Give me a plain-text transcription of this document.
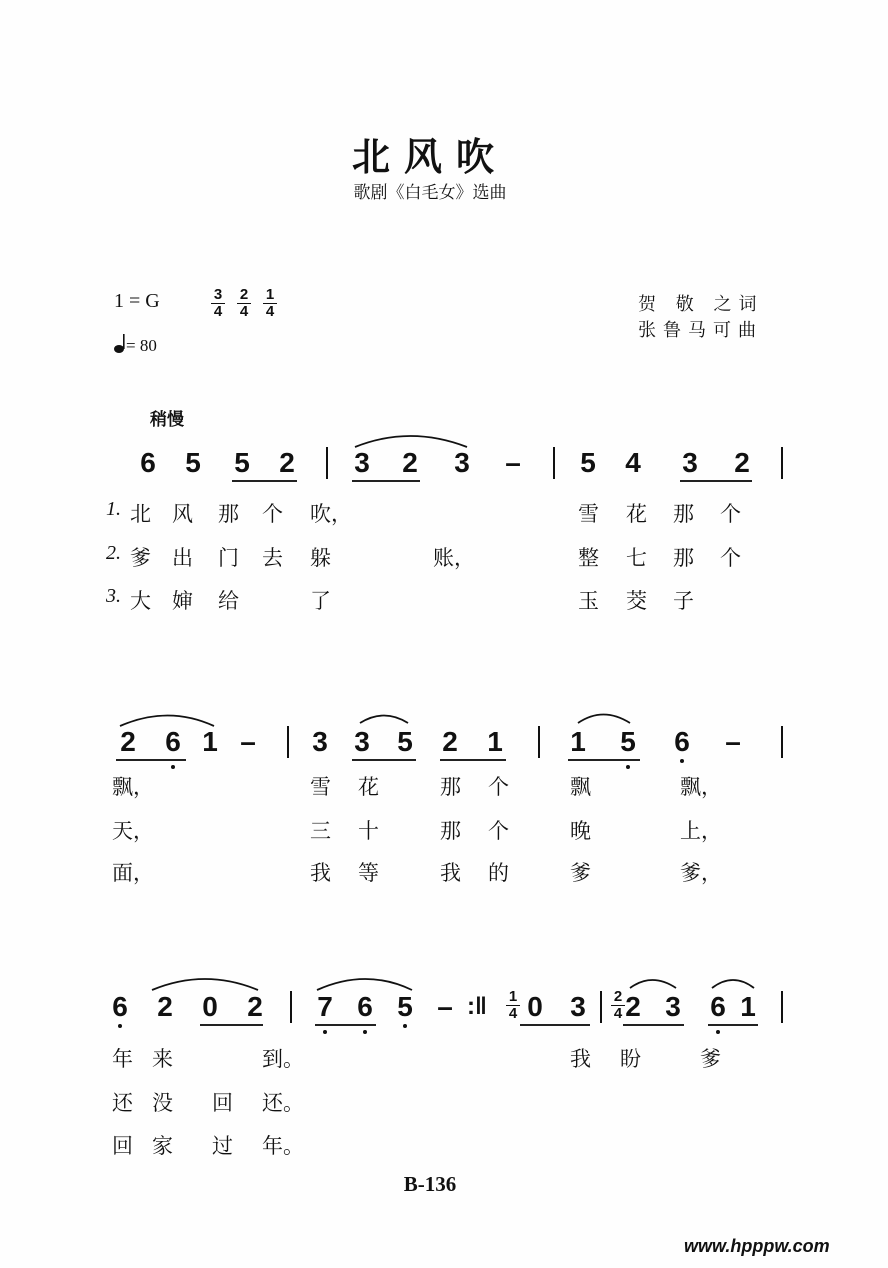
北风吹
歌剧《白毛女》选曲
1 = G	3
4
2
4
1
4
= 80
贺 敬 之词
张鲁马可曲
稍慢
6 5 5 2 3 2 3 – 5 4 3 2
1. 北 风 那 个 吹，	雪 花 那 个
2. 爹 出 门 去 躲	账，	整 七 那 个
3. 大 婶 给	了	玉 茭 子
2 6 1 – 3 3 5 2 1 1 5 6 –
飘，	雪 花	那 个	飘	飘，
天，	三 十	那 个	晚	上，
面，	我 等	我 的	爹	爹，
6 2 0 2 7 6 5 – :‖ 0 3 2 3 6 1
年 来	到。	我 盼	爹
还 没 回 还。
回 家 过 年。
1
4
2
4
B-136
www.hpppw.com
